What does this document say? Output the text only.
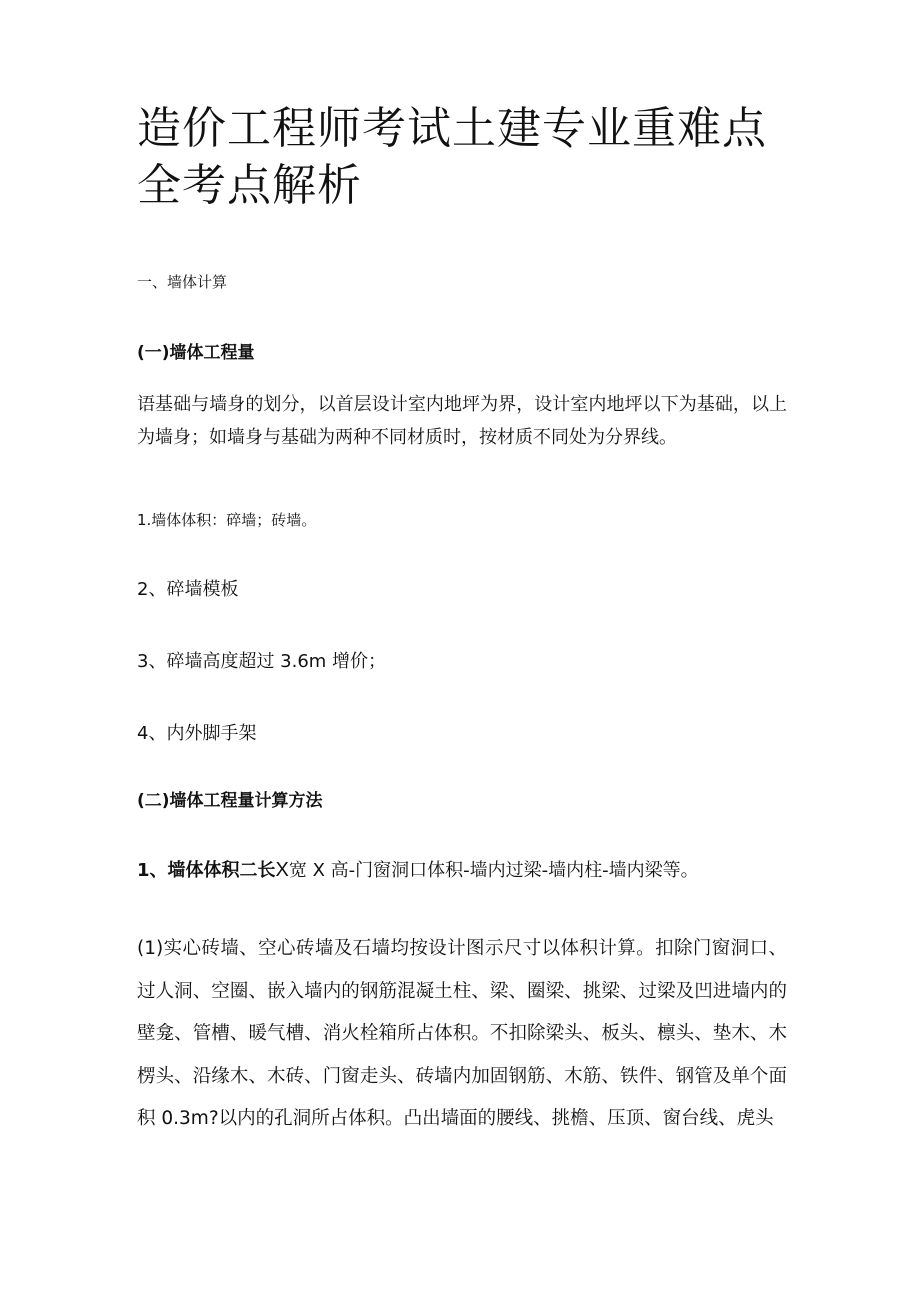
造价工程师考试土建专业重难点全考点解析
一、墙体计算
(一)墙体工程量
语基础与墙身的划分，以首层设计室内地坪为界，设计室内地坪以下为基础，以上为墙身；如墙身与基础为两种不同材质时，按材质不同处为分界线。
1.墙体体积：碎墙；砖墙。
2、碎墙模板
3、碎墙高度超过 3.6m 增价；
4、内外脚手架
(二)墙体工程量计算方法
1、墙体体积二长X宽 X 高-门窗洞口体积-墙内过梁-墙内柱-墙内梁等。
(1)实心砖墙、空心砖墙及石墙均按设计图示尺寸以体积计算。扣除门窗洞口、过人洞、空圈、嵌入墙内的钢筋混凝土柱、梁、圈梁、挑梁、过梁及凹进墙内的壁龛、管槽、暖气槽、消火栓箱所占体积。不扣除梁头、板头、檩头、垫木、木楞头、沿缘木、木砖、门窗走头、砖墙内加固钢筋、木筋、铁件、钢管及单个面积 0.3m?以内的孔洞所占体积。凸出墙面的腰线、挑檐、压顶、窗台线、虎头
